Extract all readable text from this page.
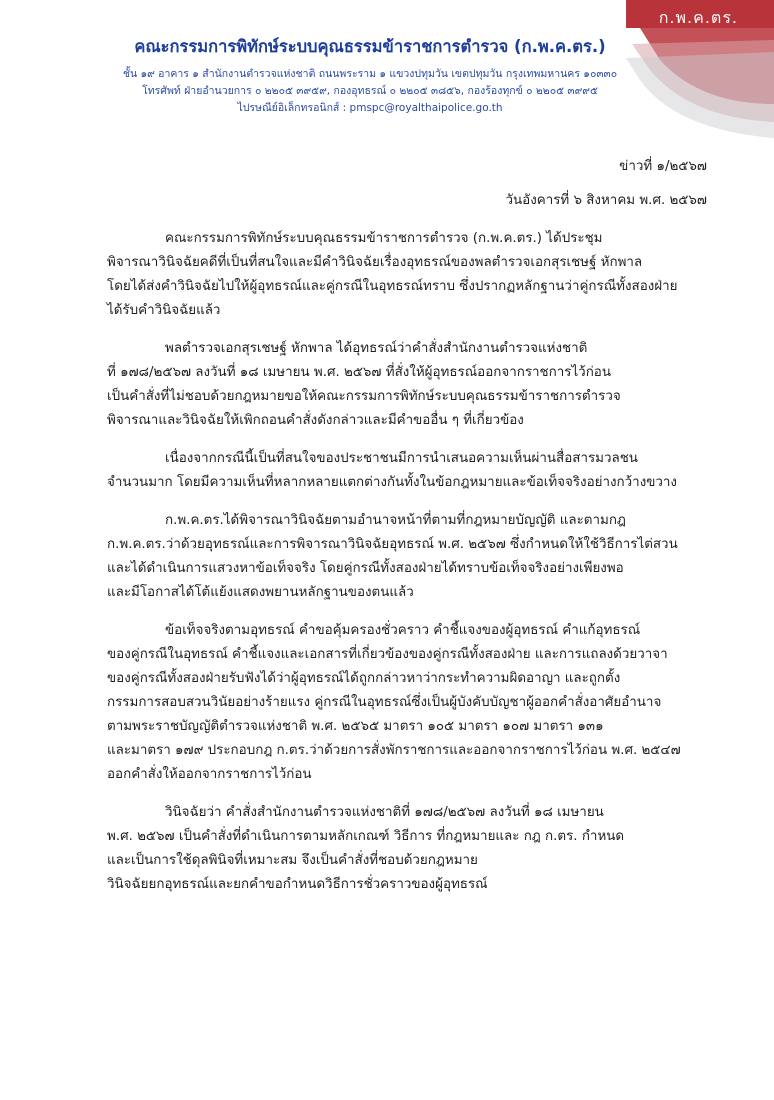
ก.พ.ค.ตร.
คณะกรรมการพิทักษ์ระบบคุณธรรมข้าราชการตำรวจ (ก.พ.ค.ตร.)
ชั้น ๑๙ อาคาร ๑ สำนักงานตำรวจแห่งชาติ ถนนพระราม ๑ แขวงปทุมวัน เขตปทุมวัน กรุงเทพมหานคร ๑๐๓๓๐
โทรศัพท์ ฝ่ายอำนวยการ ๐ ๒๒๐๕ ๓๙๕๙, กองอุทธรณ์ ๐ ๒๒๐๕ ๓๘๕๖, กองร้องทุกข์ ๐ ๒๒๐๕ ๓๙๙๕
ไปรษณีย์อิเล็กทรอนิกส์ : pmspc@royalthaipolice.go.th
ข่าวที่ ๑/๒๕๖๗
วันอังคารที่ ๖ สิงหาคม พ.ศ. ๒๕๖๗
คณะกรรมการพิทักษ์ระบบคุณธรรมข้าราชการตำรวจ (ก.พ.ค.ตร.) ได้ประชุม
พิจารณาวินิจฉัยคดีที่เป็นที่สนใจและมีคำวินิจฉัยเรื่องอุทธรณ์ของพลตำรวจเอกสุรเชษฐ์ หักพาล
โดยได้ส่งคำวินิจฉัยไปให้ผู้อุทธรณ์และคู่กรณีในอุทธรณ์ทราบ ซึ่งปรากฏหลักฐานว่าคู่กรณีทั้งสองฝ่าย
ได้รับคำวินิจฉัยแล้ว
พลตำรวจเอกสุรเชษฐ์ หักพาล ได้อุทธรณ์ว่าคำสั่งสำนักงานตำรวจแห่งชาติ
ที่ ๑๗๘/๒๕๖๗ ลงวันที่ ๑๘ เมษายน พ.ศ. ๒๕๖๗ ที่สั่งให้ผู้อุทธรณ์ออกจากราชการไว้ก่อน
เป็นคำสั่งที่ไม่ชอบด้วยกฎหมายขอให้คณะกรรมการพิทักษ์ระบบคุณธรรมข้าราชการตำรวจ
พิจารณาและวินิจฉัยให้เพิกถอนคำสั่งดังกล่าวและมีคำขออื่น ๆ ที่เกี่ยวข้อง
เนื่องจากกรณีนี้เป็นที่สนใจของประชาชนมีการนำเสนอความเห็นผ่านสื่อสารมวลชน
จำนวนมาก โดยมีความเห็นที่หลากหลายแตกต่างกันทั้งในข้อกฎหมายและข้อเท็จจริงอย่างกว้างขวาง
ก.พ.ค.ตร.ได้พิจารณาวินิจฉัยตามอำนาจหน้าที่ตามที่กฎหมายบัญญัติ และตามกฎ
ก.พ.ค.ตร.ว่าด้วยอุทธรณ์และการพิจารณาวินิจฉัยอุทธรณ์ พ.ศ. ๒๕๖๗ ซึ่งกำหนดให้ใช้วิธีการไต่สวน
และได้ดำเนินการแสวงหาข้อเท็จจริง โดยคู่กรณีทั้งสองฝ่ายได้ทราบข้อเท็จจริงอย่างเพียงพอ
และมีโอกาสได้โต้แย้งแสดงพยานหลักฐานของตนแล้ว
ข้อเท็จจริงตามอุทธรณ์ คำขอคุ้มครองชั่วคราว คำชี้แจงของผู้อุทธรณ์ คำแก้อุทธรณ์
ของคู่กรณีในอุทธรณ์ คำชี้แจงและเอกสารที่เกี่ยวข้องของคู่กรณีทั้งสองฝ่าย และการแถลงด้วยวาจา
ของคู่กรณีทั้งสองฝ่ายรับฟังได้ว่าผู้อุทธรณ์ได้ถูกกล่าวหาว่ากระทำความผิดอาญา และถูกตั้ง
กรรมการสอบสวนวินัยอย่างร้ายแรง คู่กรณีในอุทธรณ์ซึ่งเป็นผู้บังคับบัญชาผู้ออกคำสั่งอาศัยอำนาจ
ตามพระราชบัญญัติตำรวจแห่งชาติ พ.ศ. ๒๕๖๕ มาตรา ๑๐๕ มาตรา ๑๐๗ มาตรา ๑๓๑
และมาตรา ๑๗๙ ประกอบกฎ ก.ตร.ว่าด้วยการสั่งพักราชการและออกจากราชการไว้ก่อน พ.ศ. ๒๕๔๗
ออกคำสั่งให้ออกจากราชการไว้ก่อน
วินิจฉัยว่า คำสั่งสำนักงานตำรวจแห่งชาติที่ ๑๗๘/๒๕๖๗ ลงวันที่ ๑๘ เมษายน
พ.ศ. ๒๕๖๗ เป็นคำสั่งที่ดำเนินการตามหลักเกณฑ์ วิธีการ ที่กฎหมายและ กฎ ก.ตร. กำหนด
และเป็นการใช้ดุลพินิจที่เหมาะสม จึงเป็นคำสั่งที่ชอบด้วยกฎหมาย
วินิจฉัยยกอุทธรณ์และยกคำขอกำหนดวิธีการชั่วคราวของผู้อุทธรณ์
